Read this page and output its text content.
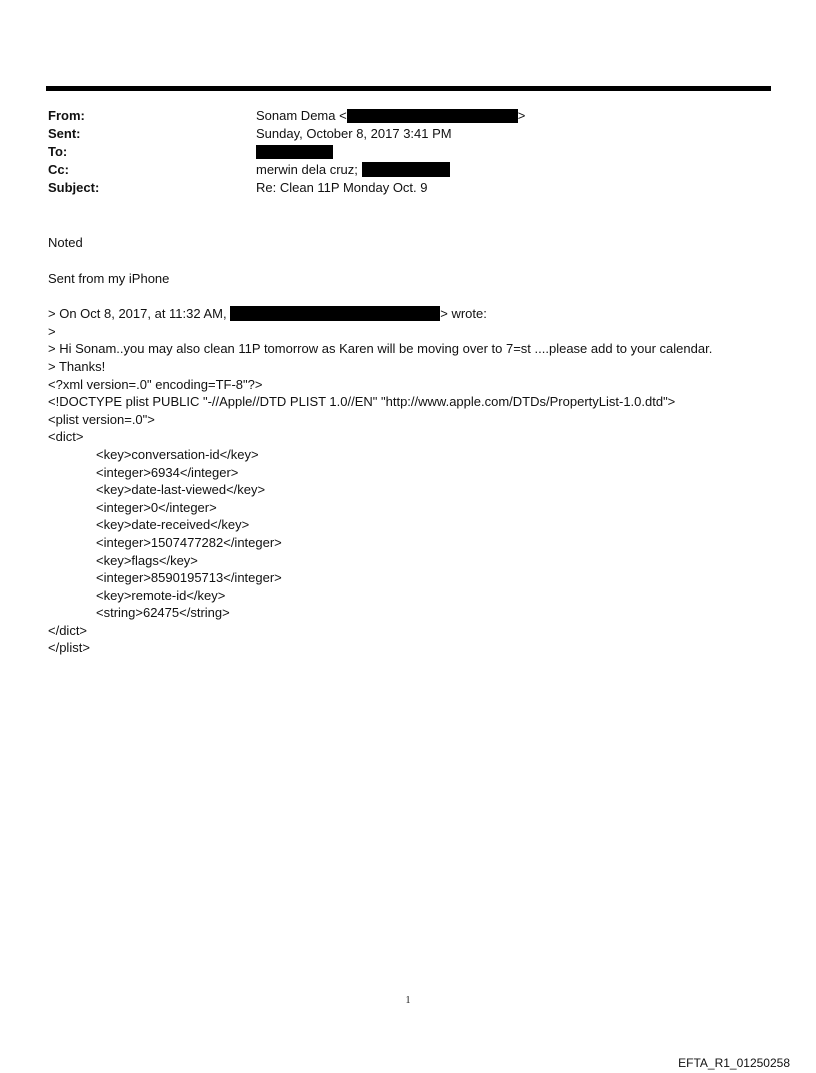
From:	Sonam Dema <	>
Sent:	Sunday, October 8, 2017 3:41 PM
To:
Cc:	merwin dela cruz;
Subject:	Re: Clean 11P Monday Oct. 9
Noted
Sent from my iPhone
> On Oct 8, 2017, at 11:32 AM,	> wrote:
>
> Hi Sonam..you may also clean 11P tomorrow as Karen will be moving over to 7=st ....please add to your calendar.
> Thanks!
<?xml version=.0" encoding=TF-8"?>
<!DOCTYPE plist PUBLIC "-//Apple//DTD PLIST 1.0//EN" "http://www.apple.com/DTDs/PropertyList-1.0.dtd">
<plist version=.0">
<dict>
<key>conversation-id</key>
<integer>6934</integer>
<key>date-last-viewed</key>
<integer>0</integer>
<key>date-received</key>
<integer>1507477282</integer>
<key>flags</key>
<integer>8590195713</integer>
<key>remote-id</key>
<string>62475</string>
</dict>
</plist>
1
EFTA_R1_01250258
